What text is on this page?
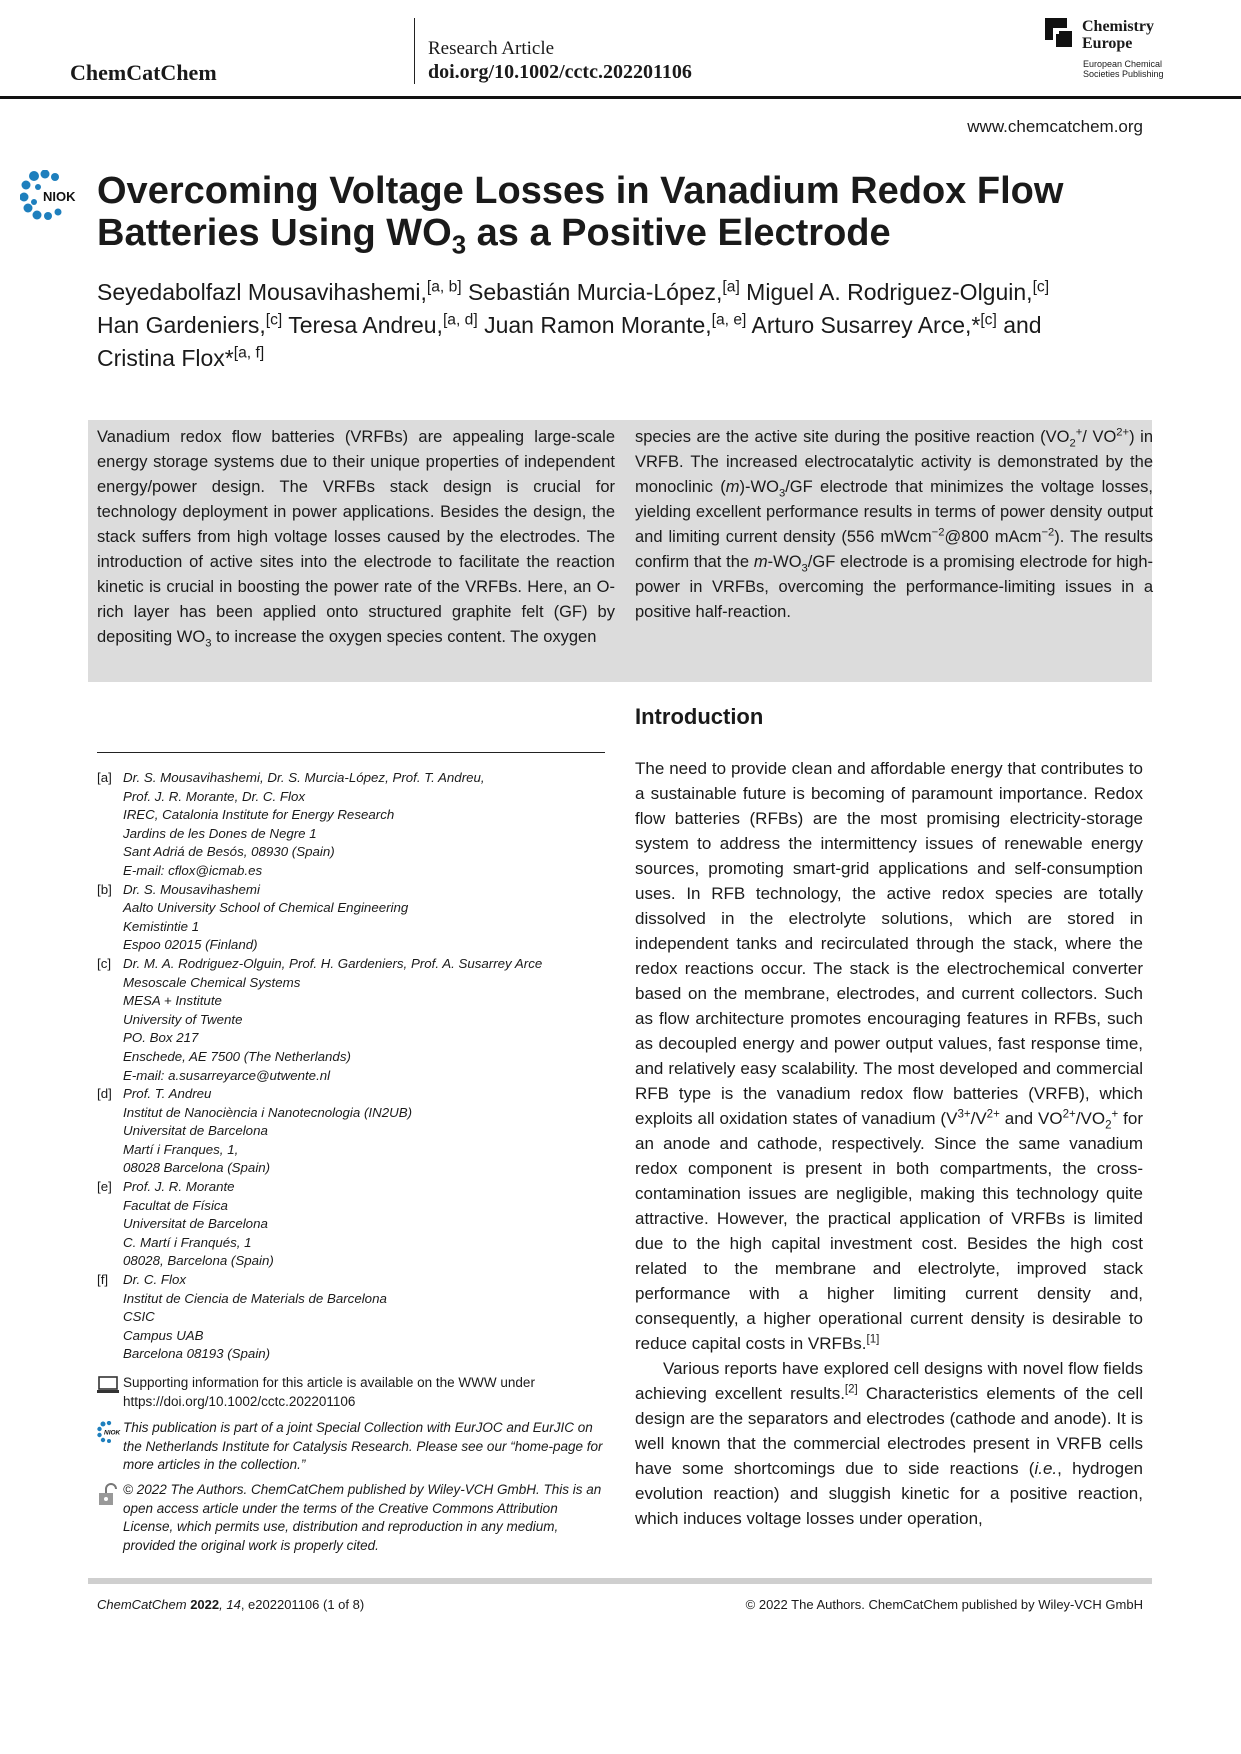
ChemCatChem
Research Article
doi.org/10.1002/cctc.202201106
Chemistry
Europe
European Chemical
Societies Publishing
www.chemcatchem.org
NIOK Overcoming Voltage Losses in Vanadium Redox Flow
Batteries Using $WO_3$ as a Positive Electrode
Seyedabolfazl Mousavihashemi,[a, b] Sebastián Murcia-López,[a] Miguel A. Rodriguez-Olguin,[c]
Han Gardeniers,[c] Teresa Andreu,[a, d] Juan Ramon Morante,[a, e] Arturo Susarrey Arce,*[c] and
Cristina Flox*[a, f]
Vanadium redox flow batteries (VRFBs) are appealing large-scale energy storage systems due to their unique properties of independent energy/power design. The VRFBs stack design is crucial for technology deployment in power applications. Besides the design, the stack suffers from high voltage losses caused by the electrodes. The introduction of active sites into the electrode to facilitate the reaction kinetic is crucial in boosting the power rate of the VRFBs. Here, an O-rich layer has been applied onto structured graphite felt (GF) by depositing $WO_3$ to increase the oxygen species content. The oxygen
species are the active site during the positive reaction ($VO_2^+/$ $VO^{2+}$) in VRFB. The increased electrocatalytic activity is demonstrated by the monoclinic $(m)-WO_3/GF$ electrode that minimizes the voltage losses, yielding excellent performance results in terms of power density output and limiting current density (556 mWcm$^{-2}$@800 mAcm$^{-2}$). The results confirm that the $m-WO_3/GF$ electrode is a promising electrode for high-power in VRFBs, overcoming the performance-limiting issues in a positive half-reaction.
Introduction

The need to provide clean and affordable energy that contributes to a sustainable future is becoming of paramount importance. Redox flow batteries (RFBs) are the most promising electricity-storage system to address the intermittency issues of renewable energy sources, promoting smart-grid applications and self-consumption uses. In RFB technology, the active redox species are totally dissolved in the electrolyte solutions, which are stored in independent tanks and recirculated through the stack, where the redox reactions occur. The stack is the electrochemical converter based on the membrane, electrodes, and current collectors. Such as flow architecture promotes encouraging features in RFBs, such as decoupled energy and power output values, fast response time, and relatively easy scalability. The most developed and commercial RFB type is the vanadium redox flow batteries (VRFB), which exploits all oxidation states of vanadium ($V^{3+}/V^{2+}$ and $VO^{2+}/VO_2^+$ for an anode and cathode, respectively. Since the same vanadium redox component is present in both compartments, the cross-contamination issues are negligible, making this technology quite attractive. However, the practical application of VRFBs is limited due to the high capital investment cost. Besides the high cost related to the membrane and electrolyte, improved stack performance with a higher limiting current density and, consequently, a higher operational current density is desirable to reduce capital costs in VRFBs.[1]

Various reports have explored cell designs with novel flow fields achieving excellent results.[2] Characteristics elements of the cell design are the separators and electrodes (cathode and anode). It is well known that the commercial electrodes present in VRFB cells have some shortcomings due to side reactions (i.e., hydrogen evolution reaction) and sluggish kinetic for a positive reaction, which induces voltage losses under operation,

[a] Dr. S. Mousavihashemi, Dr. S. Murcia-López, Prof. T. Andreu,
Prof. J. R. Morante, Dr. C. Flox
IREC, Catalonia Institute for Energy Research
Jardins de les Dones de Negre 1
Sant Adriá de Besós, 08930 (Spain)
E-mail: cflox@icmab.es
[b] Dr. S. Mousavihashemi
Aalto University School of Chemical Engineering
Kemistintie 1
Espoo 02015 (Finland)
[c] Dr. M. A. Rodriguez-Olguin, Prof. H. Gardeniers, Prof. A. Susarrey Arce
Mesoscale Chemical Systems
MESA + Institute
University of Twente
PO. Box 217
Enschede, AE 7500 (The Netherlands)
E-mail: a.susarreyarce@utwente.nl
[d] Prof. T. Andreu
Institut de Nanociència i Nanotecnologia (IN2UB)
Universitat de Barcelona
Martí i Franques, 1,
08028 Barcelona (Spain)
[e] Prof. J. R. Morante
Facultat de Física
Universitat de Barcelona
C. Martí i Franqués, 1
08028, Barcelona (Spain)
[f]	Dr. C. Flox
Institut de Ciencia de Materials de Barcelona
CSIC
Campus UAB
Barcelona 08193 (Spain)
Supporting information for this article is available on the WWW under https://doi.org/10.1002/cctc.202201106
NIOK This publication is part of a joint Special Collection with EurJOC and EurJIC on the Netherlands Institute for Catalysis Research. Please see our “home-page for more articles in the collection.”
© 2022 The Authors. ChemCatChem published by Wiley-VCH GmbH. This is an open access article under the terms of the Creative Commons Attribution License, which permits use, distribution and reproduction in any medium, provided the original work is properly cited.
ChemCatChem 2022, 14, e202201106 (1 of 8)	© 2022 The Authors. ChemCatChem published by Wiley-VCH GmbH
